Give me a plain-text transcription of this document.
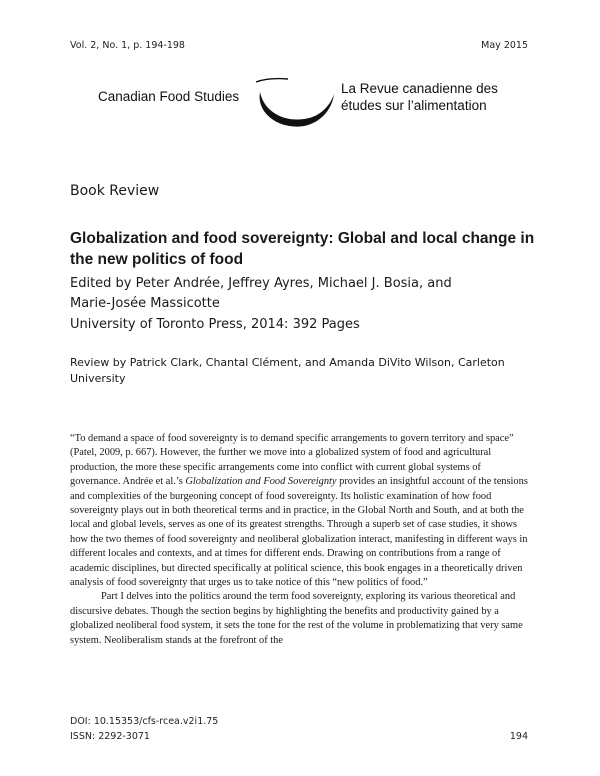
Vol. 2, No. 1, p. 194-198	May 2015
Canadian Food Studies
La Revue canadienne des
études sur l’alimentation
Book Review
Globalization and food sovereignty: Global and local change in the new politics of food
Edited by Peter Andrée, Jeffrey Ayres, Michael J. Bosia, and
Marie-Josée Massicotte
University of Toronto Press, 2014: 392 Pages
Review by Patrick Clark, Chantal Clément, and Amanda DiVito Wilson, Carleton University

“To demand a space of food sovereignty is to demand specific arrangements to govern territory and space” (Patel, 2009, p. 667). However, the further we move into a globalized system of food and agricultural production, the more these specific arrangements come into conflict with current global systems of governance. Andrée et al.’s Globalization and Food Sovereignty provides an insightful account of the tensions and complexities of the burgeoning concept of food sovereignty. Its holistic examination of how food sovereignty plays out in both theoretical terms and in practice, in the Global North and South, and at both the local and global levels, serves as one of its greatest strengths. Through a superb set of case studies, it shows how the two themes of food sovereignty and neoliberal globalization interact, manifesting in different ways in different locales and contexts, and at times for different ends. Drawing on contributions from a range of academic disciplines, but directed specifically at political science, this book engages in a theoretically driven analysis of food sovereignty that urges us to take notice of this “new politics of food.”

Part I delves into the politics around the term food sovereignty, exploring its various theoretical and discursive debates. Though the section begins by highlighting the benefits and productivity gained by a globalized neoliberal food system, it sets the tone for the rest of the volume in problematizing that very same system. Neoliberalism stands at the forefront of the

DOI: 10.15353/cfs-rcea.v2i1.75
ISSN: 2292-3071	194
